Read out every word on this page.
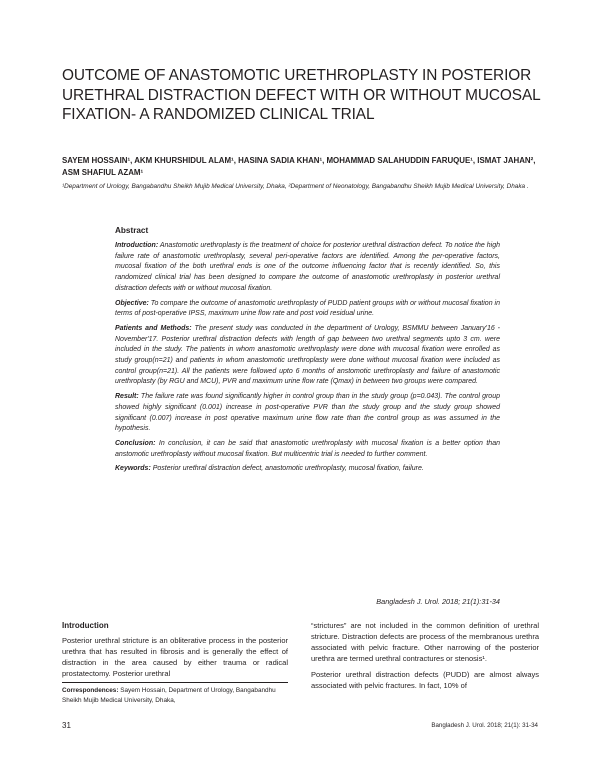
OUTCOME OF ANASTOMOTIC URETHROPLASTY IN POSTERIOR URETHRAL DISTRACTION DEFECT WITH OR WITHOUT MUCOSAL FIXATION- A RANDOMIZED CLINICAL TRIAL
SAYEM HOSSAIN¹, AKM KHURSHIDUL ALAM¹, HASINA SADIA KHAN¹, MOHAMMAD SALAHUDDIN FARUQUE¹, ISMAT JAHAN², ASM SHAFIUL AZAM¹
¹Department of Urology, Bangabandhu Sheikh Mujib Medical University, Dhaka, ²Department of Neonatology, Bangabandhu Sheikh Mujib Medical University, Dhaka .
Abstract

Introduction: Anastomotic urethroplasty is the treatment of choice for posterior urethral distraction defect. To notice the high failure rate of anastomotic urethroplasty, several peri-operative factors are identified. Among the per-operative factors, mucosal fixation of the both urethral ends is one of the outcome influencing factor that is recently identified. So, this randomized clinical trial has been designed to compare the outcome of anastomotic urethroplasty in posterior urethral distraction defects with or without mucosal fixation.

Objective: To compare the outcome of anastomotic urethroplasty of PUDD patient groups with or without mucosal fixation in terms of post-operative IPSS, maximum urine flow rate and post void residual urine.

Patients and Methods: The present study was conducted in the department of Urology, BSMMU between January'16 - November'17. Posterior urethral distraction defects with length of gap between two urethral segments upto 3 cm. were included in the study. The patients in whom anastomotic urethroplasty were done with mucosal fixation were enrolled as study group(n=21) and patients in whom anastomotic urethroplasty were done without mucosal fixation were included as control group(n=21). All the patients were followed upto 6 months of anstomotic urethroplasty and failure of anastomotic urethroplasty (by RGU and MCU), PVR and maximum urine flow rate (Qmax) in between two groups were compared.

Result: The failure rate was found significantly higher in control group than in the study group (p=0.043). The control group showed highly significant (0.001) increase in post-operative PVR than the study group and the study group showed significant (0.007) increase in post operative maximum urine flow rate than the control group as was assumed in the hypothesis.

Conclusion: In conclusion, it can be said that anastomotic urethroplasty with mucosal fixation is a better option than anstomotic urethroplasty without mucosal fixation. But multicentric trial is needed to further comment.

Keywords: Posterior urethral distraction defect, anastomotic urethroplasty, mucosal fixation, failure.

Bangladesh J. Urol. 2018; 21(1):31-34
Introduction

Posterior urethral stricture is an obliterative process in the posterior urethra that has resulted in fibrosis and is generally the effect of distraction in the area caused by either trauma or radical prostatectomy. Posterior urethral

Correspondences: Sayem Hossain, Department of Urology, Bangabandhu Sheikh Mujib Medical University, Dhaka,

“strictures” are not included in the common definition of urethral stricture. Distraction defects are process of the membranous urethra associated with pelvic fracture. Other narrowing of the posterior urethra are termed urethral contractures or stenosis¹.

Posterior urethral distraction defects (PUDD) are almost always associated with pelvic fractures. In fact, 10% of

31	Bangladesh J. Urol. 2018; 21(1): 31-34
